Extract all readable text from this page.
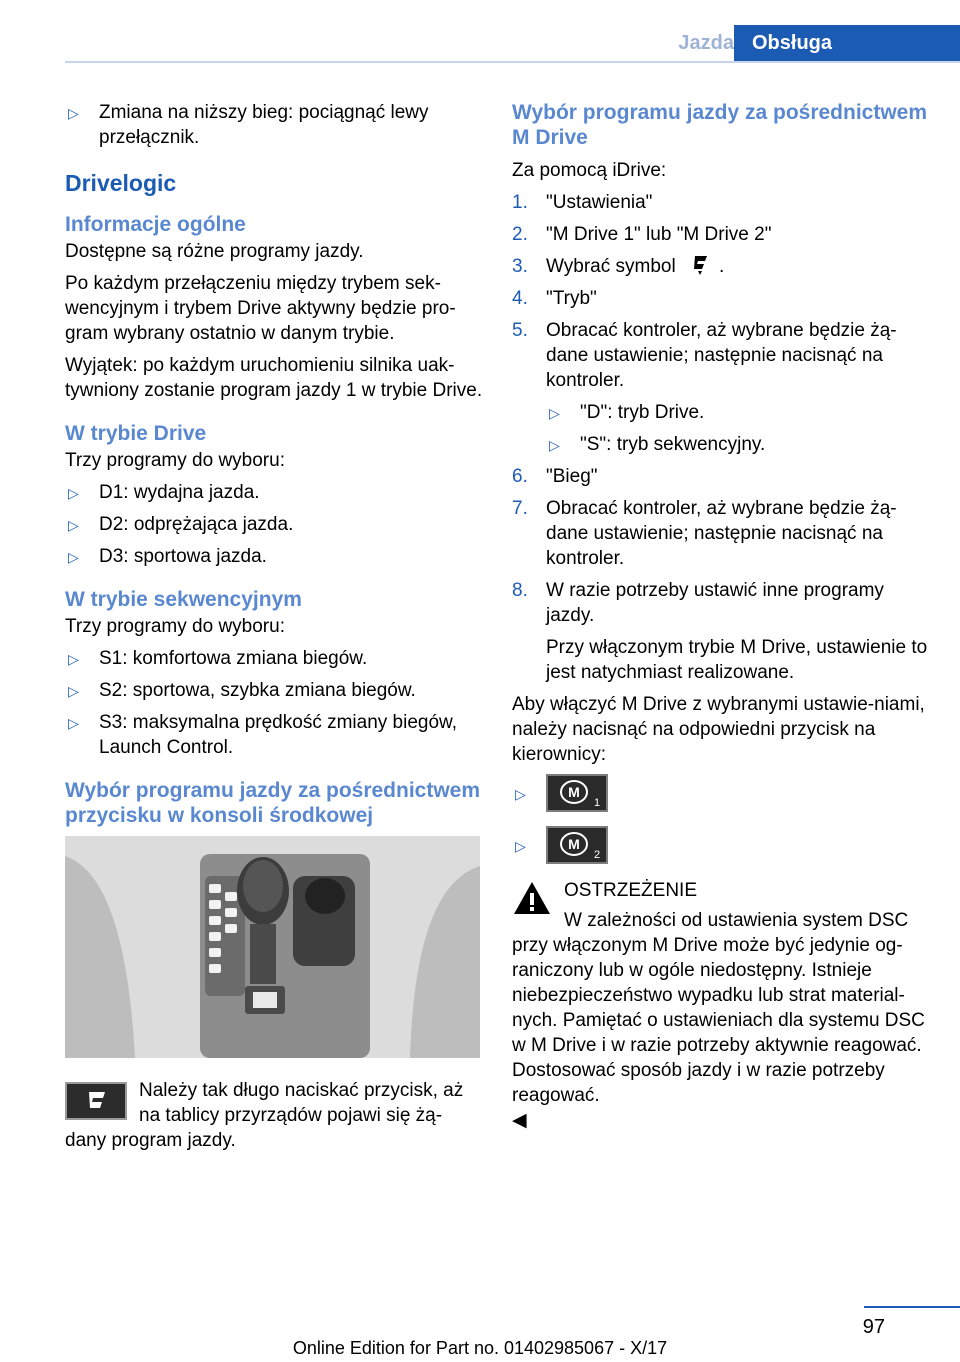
Jazda Obsługa
▷ Zmiana na niższy bieg: pociągnąć lewy przełącznik.
Drivelogic
Informacje ogólne

Dostępne są różne programy jazdy.

Po każdym przełączeniu między trybem sek-wencyjnym i trybem Drive aktywny będzie pro-gram wybrany ostatnio w danym trybie.

Wyjątek: po każdym uruchomieniu silnika uak-tywniony zostanie program jazdy 1 w trybie Drive.

W trybie Drive

Trzy programy do wyboru:

▷ D1: wydajna jazda.
▷ D2: odprężająca jazda.
▷ D3: sportowa jazda.
W trybie sekwencyjnym

Trzy programy do wyboru:

▷ S1: komfortowa zmiana biegów.
▷ S2: sportowa, szybka zmiana biegów.
▷ S3: maksymalna prędkość zmiany biegów, Launch Control.
Wybór programu jazdy za pośrednictwem przycisku w konsoli środkowej
Należy tak długo naciskać przycisk, aż na tablicy przyrządów pojawi się żą-dany program jazdy.
Wybór programu jazdy za pośrednictwem M Drive

Za pomocą iDrive:

1. "Ustawienia"
2. "M Drive 1" lub "M Drive 2"
3. Wybrać symbol .
4. "Tryb"
5. Obracać kontroler, aż wybrane będzie żą-dane ustawienie; następnie nacisnąć na kontroler.
▷ "D": tryb Drive.
▷ "S": tryb sekwencyjny.
6. "Bieg"
7. Obracać kontroler, aż wybrane będzie żą-dane ustawienie; następnie nacisnąć na kontroler.
8. W razie potrzeby ustawić inne programy jazdy.
Przy włączonym trybie M Drive, ustawienie to jest natychmiast realizowane.

Aby włączyć M Drive z wybranymi ustawie-niami, należy nacisnąć na odpowiedni przycisk na kierownicy:

▷	M
1
▷	M
2
OSTRZEŻENIE
W zależności od ustawienia system DSC przy włączonym M Drive może być jedynie og-raniczony lub w ogóle niedostępny. Istnieje niebezpieczeństwo wypadku lub strat material-nych. Pamiętać o ustawieniach dla systemu DSC w M Drive i w razie potrzeby aktywnie reagować. Dostosować sposób jazdy i w razie potrzeby reagować.
◀
97
Online Edition for Part no. 01402985067 - X/17
